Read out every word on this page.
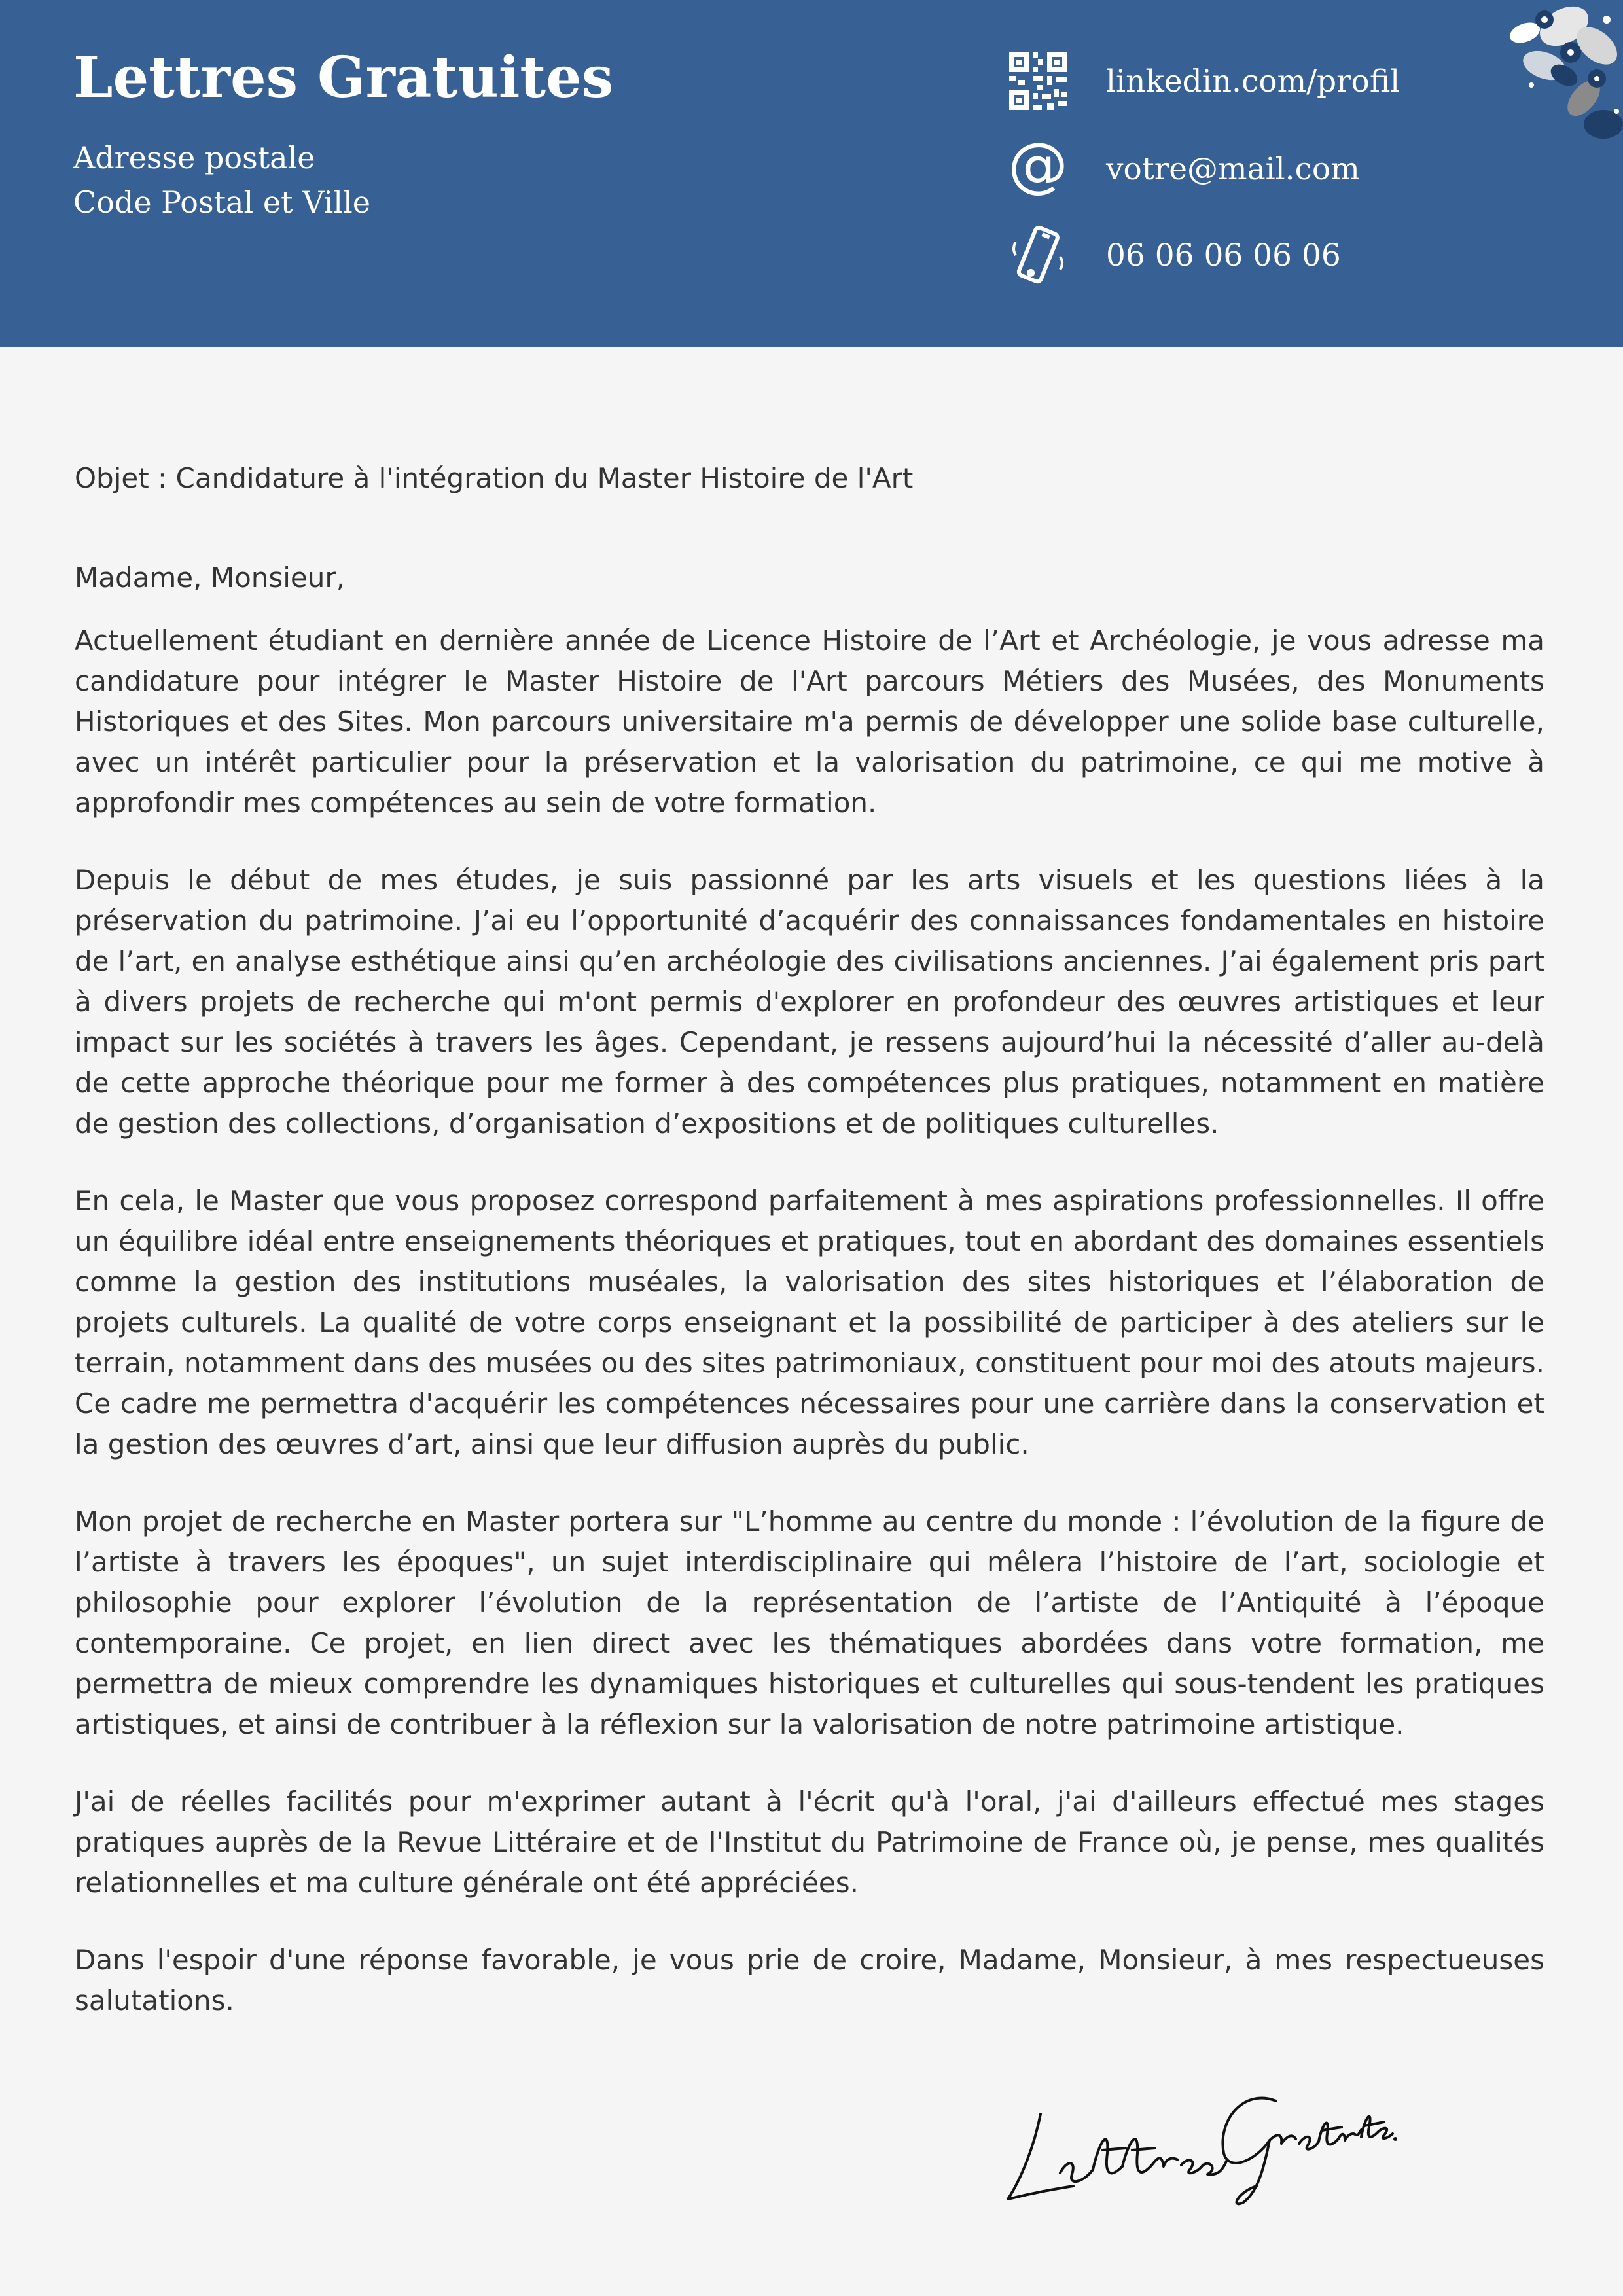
Lettres Gratuites
Adresse postale
Code Postal et Ville
linkedin.com/profil
@ votre@mail.com
06 06 06 06 06

Objet : Candidature à l'intégration du Master Histoire de l'Art

Madame, Monsieur,

Actuellement étudiant en dernière année de Licence Histoire de l’Art et Archéologie, je vous adresse ma candidature pour intégrer le Master Histoire de l'Art parcours Métiers des Musées, des Monuments Historiques et des Sites. Mon parcours universitaire m'a permis de développer une solide base culturelle, avec un intérêt particulier pour la préservation et la valorisation du patrimoine, ce qui me motive à approfondir mes compétences au sein de votre formation.

Depuis le début de mes études, je suis passionné par les arts visuels et les questions liées à la préservation du patrimoine. J’ai eu l’opportunité d’acquérir des connaissances fondamentales en histoire de l’art, en analyse esthétique ainsi qu’en archéologie des civilisations anciennes. J’ai également pris part à divers projets de recherche qui m'ont permis d'explorer en profondeur des œuvres artistiques et leur impact sur les sociétés à travers les âges. Cependant, je ressens aujourd’hui la nécessité d’aller au-delà de cette approche théorique pour me former à des compétences plus pratiques, notamment en matière de gestion des collections, d’organisation d’expositions et de politiques culturelles.

En cela, le Master que vous proposez correspond parfaitement à mes aspirations professionnelles. Il offre un équilibre idéal entre enseignements théoriques et pratiques, tout en abordant des domaines essentiels comme la gestion des institutions muséales, la valorisation des sites historiques et l’élaboration de projets culturels. La qualité de votre corps enseignant et la possibilité de participer à des ateliers sur le terrain, notamment dans des musées ou des sites patrimoniaux, constituent pour moi des atouts majeurs. Ce cadre me permettra d'acquérir les compétences nécessaires pour une carrière dans la conservation et la gestion des œuvres d’art, ainsi que leur diffusion auprès du public.

Mon projet de recherche en Master portera sur "L’homme au centre du monde : l’évolution de la figure de l’artiste à travers les époques", un sujet interdisciplinaire qui mêlera l’histoire de l’art, sociologie et philosophie pour explorer l’évolution de la représentation de l’artiste de l’Antiquité à l’époque contemporaine. Ce projet, en lien direct avec les thématiques abordées dans votre formation, me permettra de mieux comprendre les dynamiques historiques et culturelles qui sous-tendent les pratiques artistiques, et ainsi de contribuer à la réflexion sur la valorisation de notre patrimoine artistique.

J'ai de réelles facilités pour m'exprimer autant à l'écrit qu'à l'oral, j'ai d'ailleurs effectué mes stages pratiques auprès de la Revue Littéraire et de l'Institut du Patrimoine de France où, je pense, mes qualités relationnelles et ma culture générale ont été appréciées.

Dans l'espoir d'une réponse favorable, je vous prie de croire, Madame, Monsieur, à mes respectueuses salutations.
